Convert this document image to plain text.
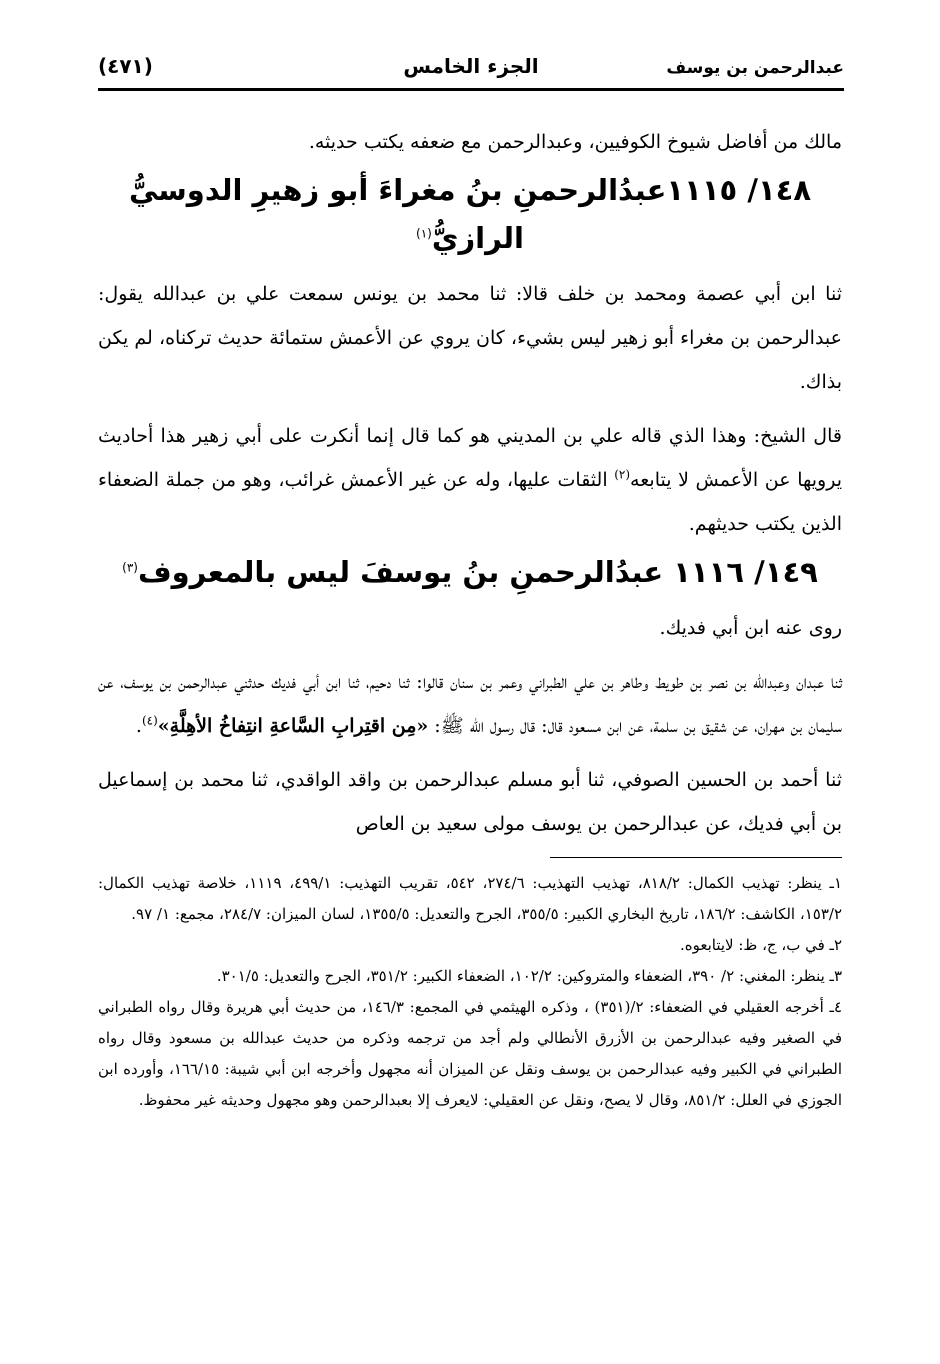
عبدالرحمن بن يوسف
الجزء الخامس
(٤٧١)

مالك من أفاضل شيوخ الكوفيين، وعبدالرحمن مع ضعفه يكتب حديثه.

١٤٨/ ١١١٥عبدُالرحمنِ بنُ مغراءَ أبو زهيرِ الدوسيُّ الرازيُّ$^{(١)}$

ثنا ابن أبي عصمة ومحمد بن خلف قالا: ثنا محمد بن يونس سمعت علي بن عبدالله يقول: عبدالرحمن بن مغراء أبو زهير ليس بشيء، كان يروي عن الأعمش ستمائة حديث تركناه، لم يكن بذاك.

قال الشيخ: وهذا الذي قاله علي بن المديني هو كما قال إنما أنكرت على أبي زهير هذا أحاديث يرويها عن الأعمش لا يتابعه$^{(٢)}$ الثقات عليها، وله عن غير الأعمش غرائب، وهو من جملة الضعفاء الذين يكتب حديثهم.

١٤٩/ ١١١٦ عبدُالرحمنِ بنُ يوسفَ ليس بالمعروف$^{(٣)}$

روى عنه ابن أبي فديك.

ثنا عبدان وعبدالله بن نصر بن طويط وطاهر بن علي الطبراني وعمر بن سنان قالوا: ثنا دحيم، ثنا ابن أبي فديك حدثني عبدالرحمن بن يوسف، عن سليمان بن مهران، عن شقيق بن سلمة، عن ابن مسعود قال: قال رسول الله ﷺ: «مِن اقتِرابِ السَّاعةِ انتِفاخُ الأهِلَّةِ»$^{(٤)}$.

ثنا أحمد بن الحسين الصوفي، ثنا أبو مسلم عبدالرحمن بن واقد الواقدي، ثنا محمد بن إسماعيل بن أبي فديك، عن عبدالرحمن بن يوسف مولى سعيد بن العاص

١ـ ينظر: تهذيب الكمال: ٨١٨/٢، تهذيب التهذيب: ٢٧٤/٦، ٥٤٢، تقريب التهذيب: ٤٩٩/١، ١١١٩، خلاصة تهذيب الكمال: ١٥٣/٢، الكاشف: ١٨٦/٢، تاريخ البخاري الكبير: ٣٥٥/٥، الجرح والتعديل: ١٣٥٥/٥، لسان الميزان: ٢٨٤/٧، مجمع: ١/ ٩٧.

٢ـ في ب، ج، ظ: لايتابعوه.

٣ـ ينظر: المغني: ٢/ ٣٩٠، الضعفاء والمتروكين: ١٠٢/٢، الضعفاء الكبير: ٣٥١/٢، الجرح والتعديل: ٣٠١/٥.

٤ـ أخرجه العقيلي في الضعفاء: ٢/(٣٥١) ، وذكره الهيثمي في المجمع: ١٤٦/٣، من حديث أبي هريرة وقال رواه الطبراني في الصغير وفيه عبدالرحمن بن الأزرق الأنطالي ولم أجد من ترجمه وذكره من حديث عبدالله بن مسعود وقال رواه الطبراني في الكبير وفيه عبدالرحمن بن يوسف ونقل عن الميزان أنه مجهول وأخرجه ابن أبي شيبة: ١٦٦/١٥، وأورده ابن الجوزي في العلل: ٨٥١/٢، وقال لا يصح، ونقل عن العقيلي: لايعرف إلا بعبدالرحمن وهو مجهول وحديثه غير محفوظ.
